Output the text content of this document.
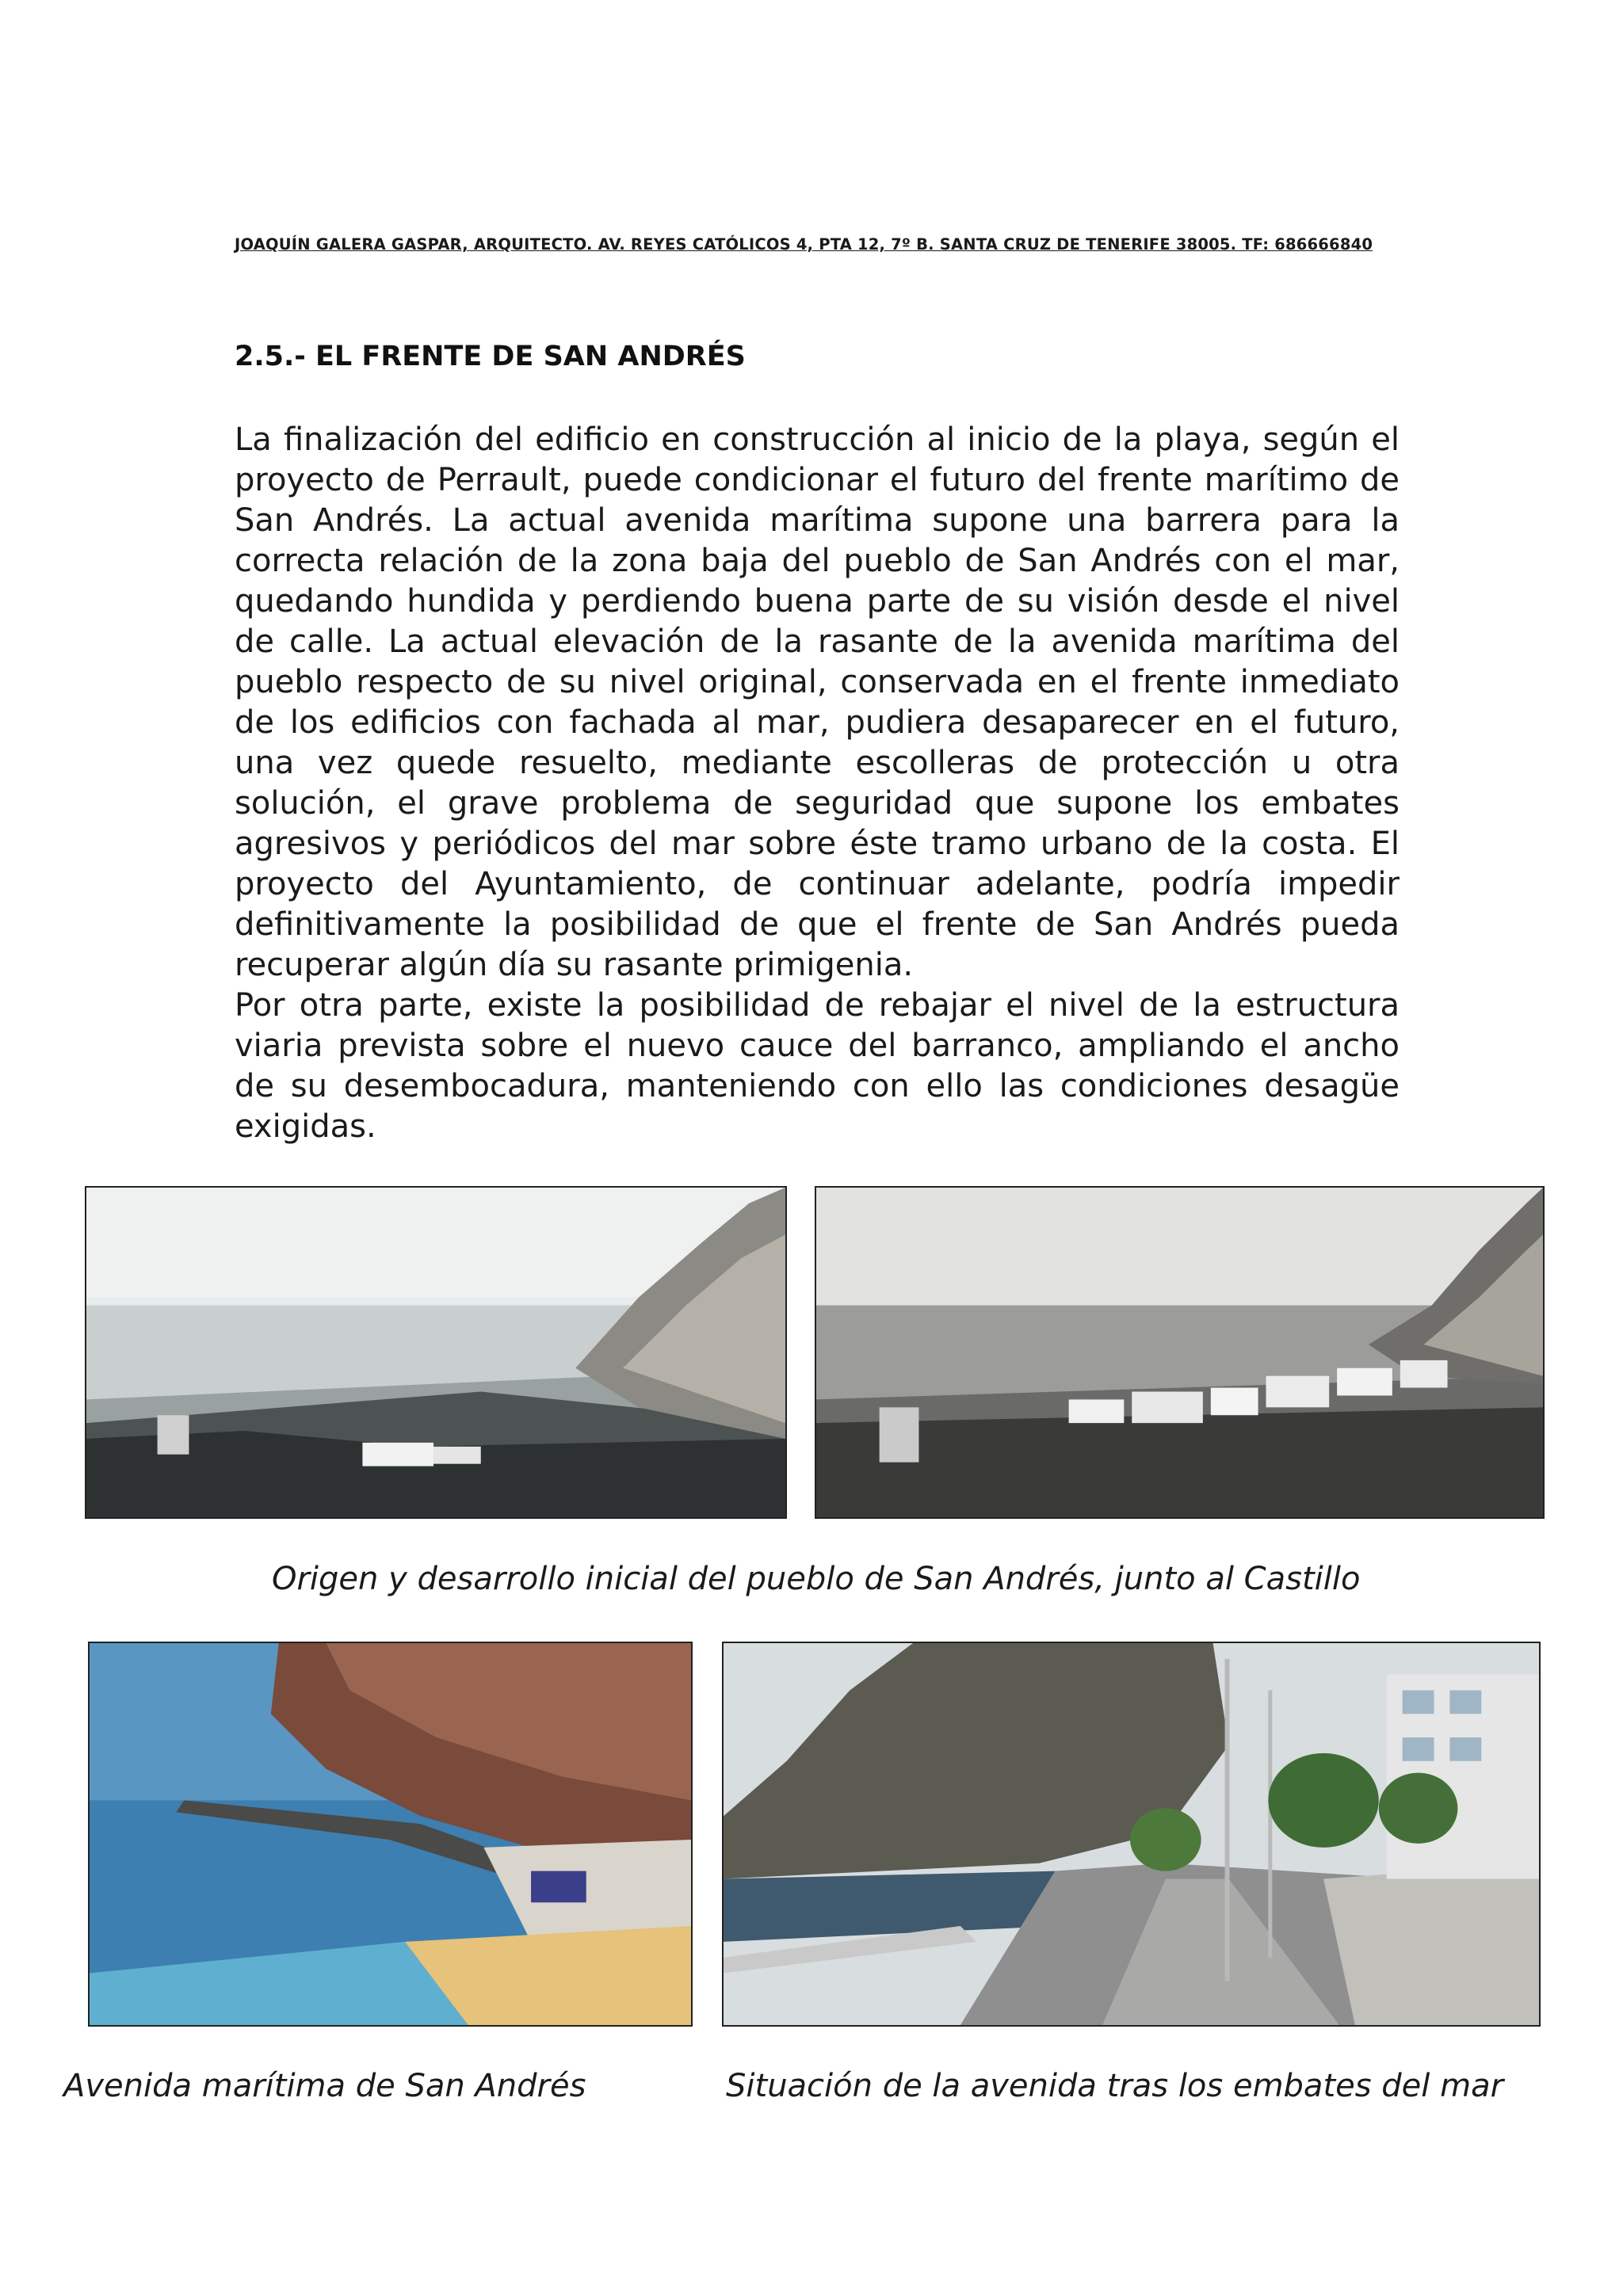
JOAQUÍN GALERA GASPAR, ARQUITECTO. AV. REYES CATÓLICOS 4, PTA 12, 7º B. SANTA CRUZ DE TENERIFE 38005. TF: 686666840
2.5.- EL FRENTE DE SAN ANDRÉS

La finalización del edificio en construcción al inicio de la playa, según el proyecto de Perrault, puede condicionar el futuro del frente marítimo de San Andrés. La actual avenida marítima supone una barrera para la correcta relación de la zona baja del pueblo de San Andrés con el mar, quedando hundida y perdiendo buena parte de su visión desde el nivel de calle. La actual elevación de la rasante de la avenida marítima del pueblo respecto de su nivel original, conservada en el frente inmediato de los edificios con fachada al mar, pudiera desaparecer en el futuro, una vez quede resuelto, mediante escolleras de protección u otra solución, el grave problema de seguridad que supone los embates agresivos y periódicos del mar sobre éste tramo urbano de la costa. El proyecto del Ayuntamiento, de continuar adelante, podría impedir definitivamente la posibilidad de que el frente de San Andrés pueda recuperar algún día su rasante primigenia.

Por otra parte, existe la posibilidad de rebajar el nivel de la estructura viaria prevista sobre el nuevo cauce del barranco, ampliando el ancho de su desembocadura, manteniendo con ello las condiciones desagüe exigidas.

Origen y desarrollo inicial del pueblo de San Andrés, junto al Castillo
Avenida marítima de San Andrés	Situación de la avenida tras los embates del mar
